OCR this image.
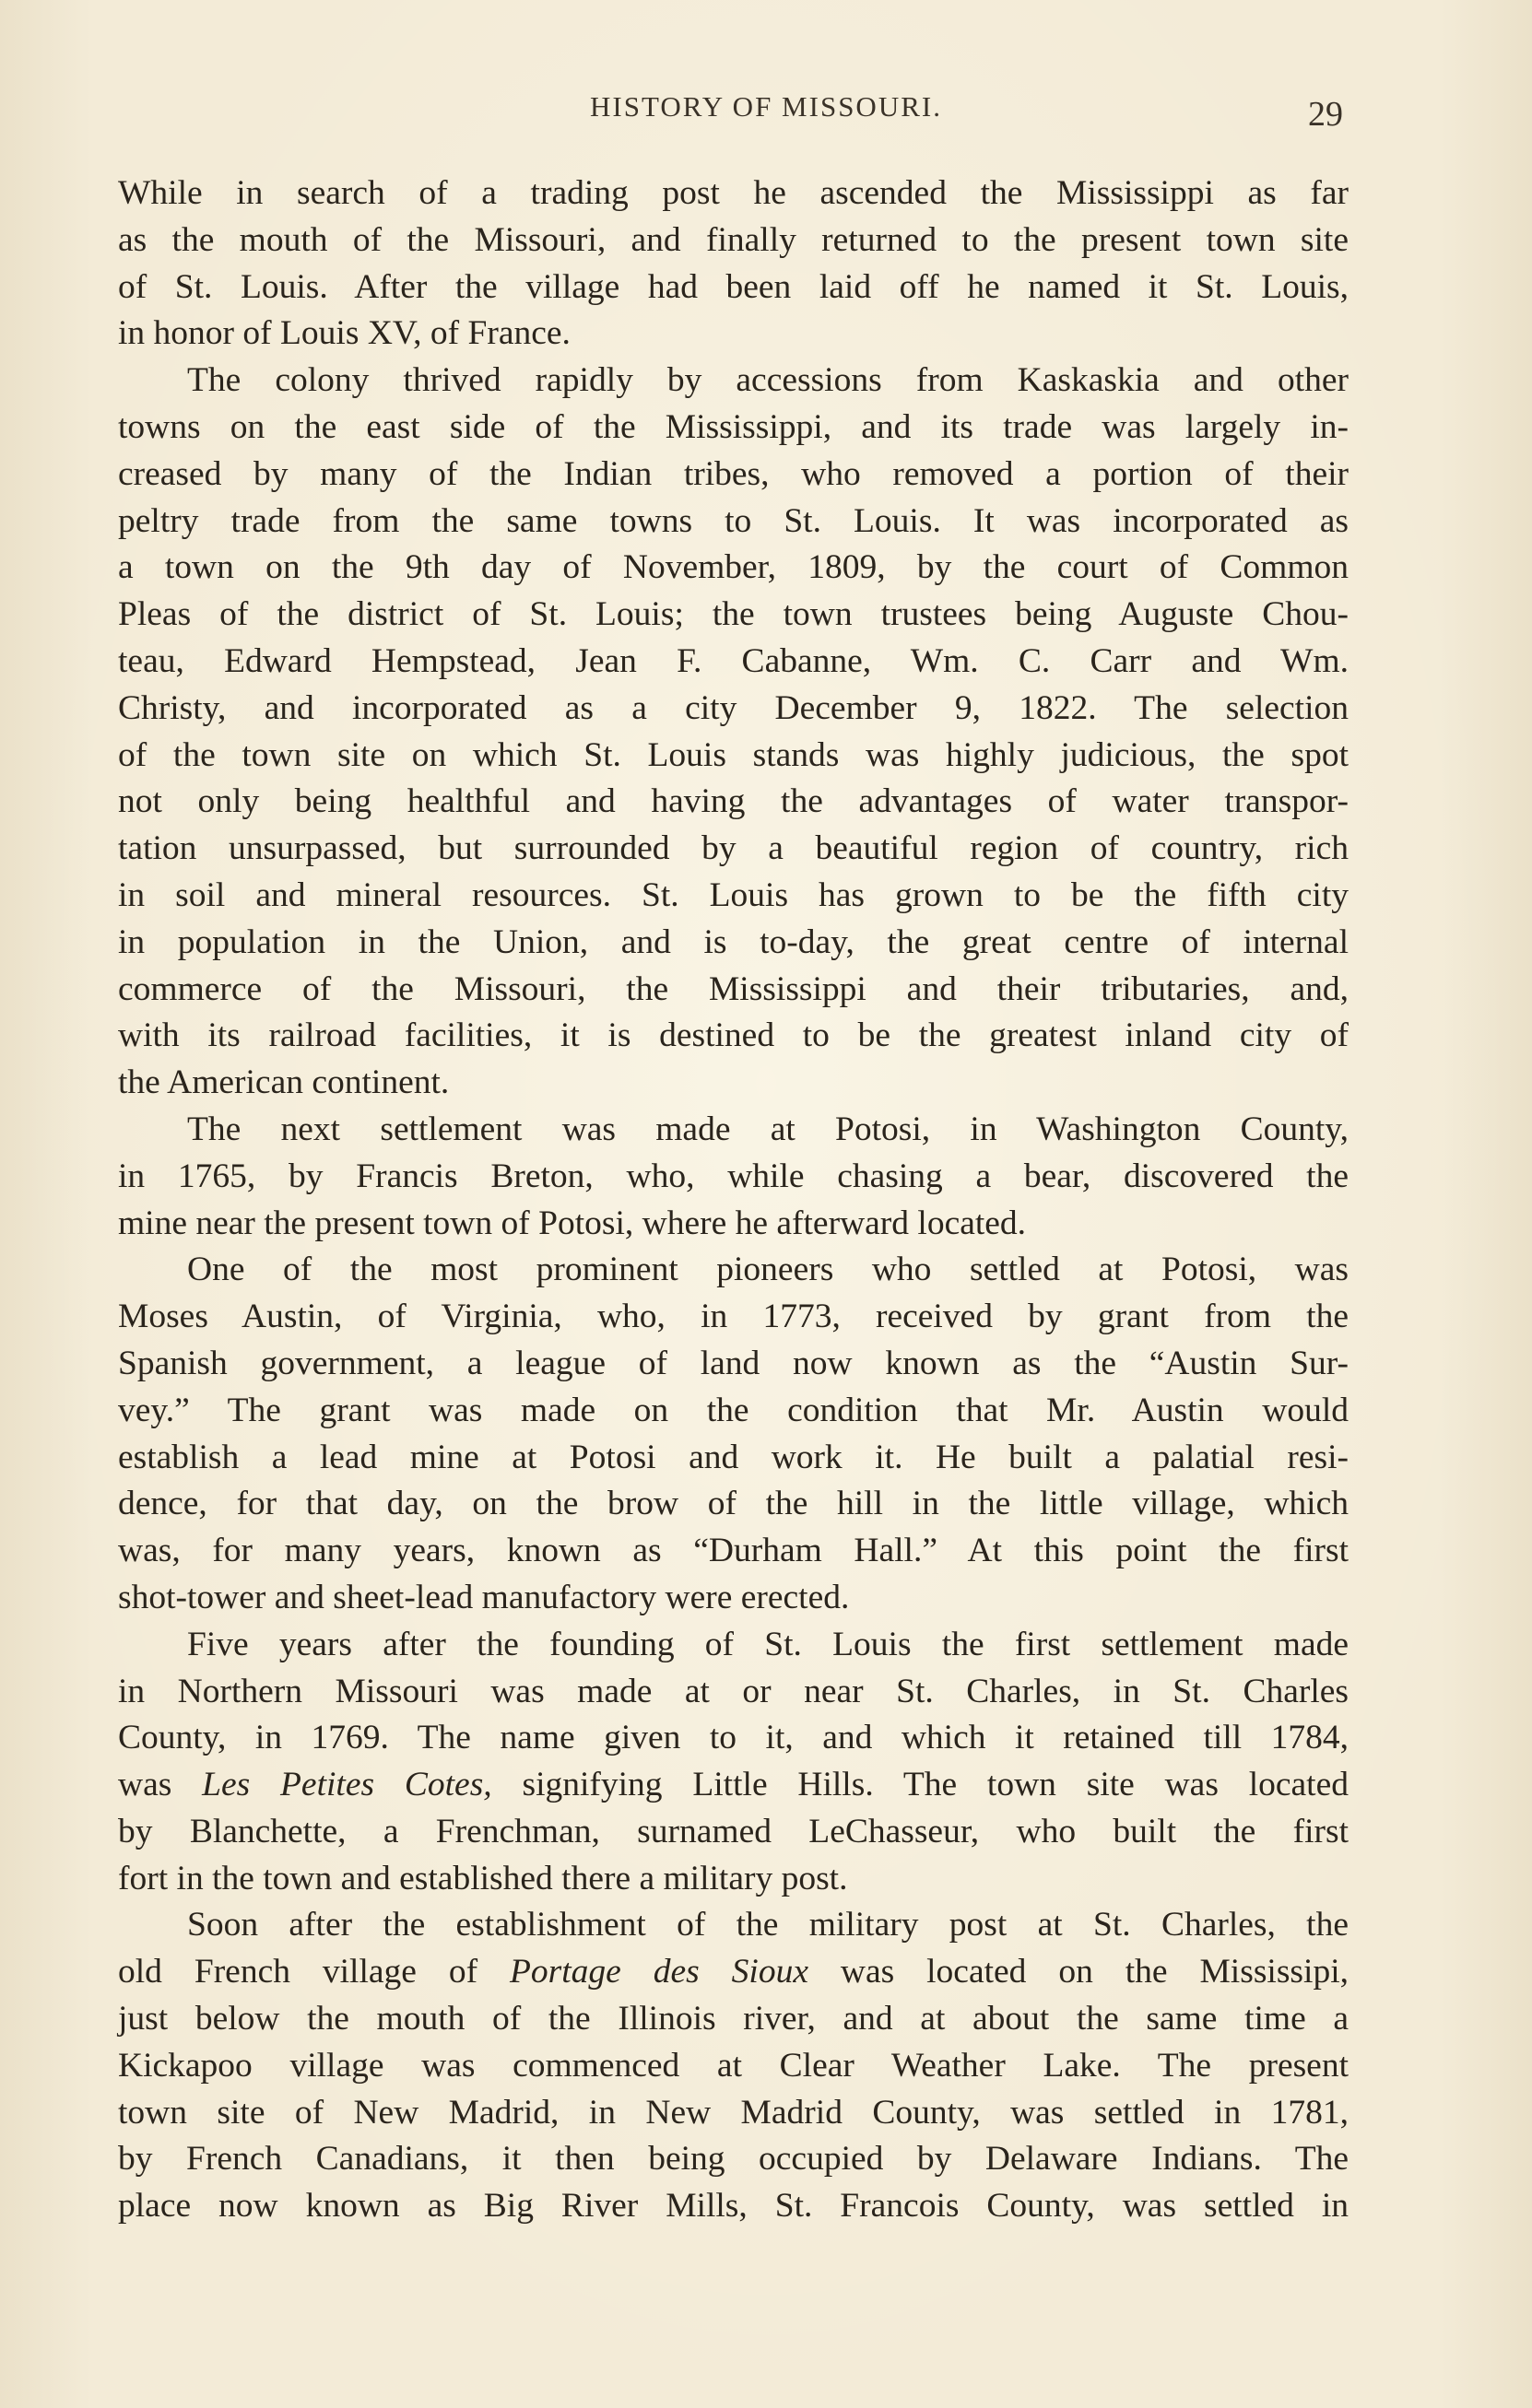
HISTORY OF MISSOURI.	29

While in search of a trading post he ascended the Mississippi as far
as the mouth of the Missouri, and finally returned to the present town site
of St. Louis. After the village had been laid off he named it St. Louis,
in honor of Louis XV, of France.

The colony thrived rapidly by accessions from Kaskaskia and other
towns on the east side of the Mississippi, and its trade was largely in-
creased by many of the Indian tribes, who removed a portion of their
peltry trade from the same towns to St. Louis. It was incorporated as
a town on the 9th day of November, 1809, by the court of Common
Pleas of the district of St. Louis; the town trustees being Auguste Chou-
teau, Edward Hempstead, Jean F. Cabanne, Wm. C. Carr and Wm.
Christy, and incorporated as a city December 9, 1822. The selection
of the town site on which St. Louis stands was highly judicious, the spot
not only being healthful and having the advantages of water transpor-
tation unsurpassed, but surrounded by a beautiful region of country, rich
in soil and mineral resources. St. Louis has grown to be the fifth city
in population in the Union, and is to-day, the great centre of internal
commerce of the Missouri, the Mississippi and their tributaries, and,
with its railroad facilities, it is destined to be the greatest inland city of
the American continent.

The next settlement was made at Potosi, in Washington County,
in 1765, by Francis Breton, who, while chasing a bear, discovered the
mine near the present town of Potosi, where he afterward located.

One of the most prominent pioneers who settled at Potosi, was
Moses Austin, of Virginia, who, in 1773, received by grant from the
Spanish government, a league of land now known as the “Austin Sur-
vey.” The grant was made on the condition that Mr. Austin would
establish a lead mine at Potosi and work it. He built a palatial resi-
dence, for that day, on the brow of the hill in the little village, which
was, for many years, known as “Durham Hall.” At this point the first
shot-tower and sheet-lead manufactory were erected.

Five years after the founding of St. Louis the first settlement made
in Northern Missouri was made at or near St. Charles, in St. Charles
County, in 1769. The name given to it, and which it retained till 1784,
was Les Petites Cotes, signifying Little Hills. The town site was located
by Blanchette, a Frenchman, surnamed LeChasseur, who built the first
fort in the town and established there a military post.

Soon after the establishment of the military post at St. Charles, the
old French village of Portage des Sioux was located on the Mississipi,
just below the mouth of the Illinois river, and at about the same time a
Kickapoo village was commenced at Clear Weather Lake. The present
town site of New Madrid, in New Madrid County, was settled in 1781,
by French Canadians, it then being occupied by Delaware Indians. The
place now known as Big River Mills, St. Francois County, was settled in
